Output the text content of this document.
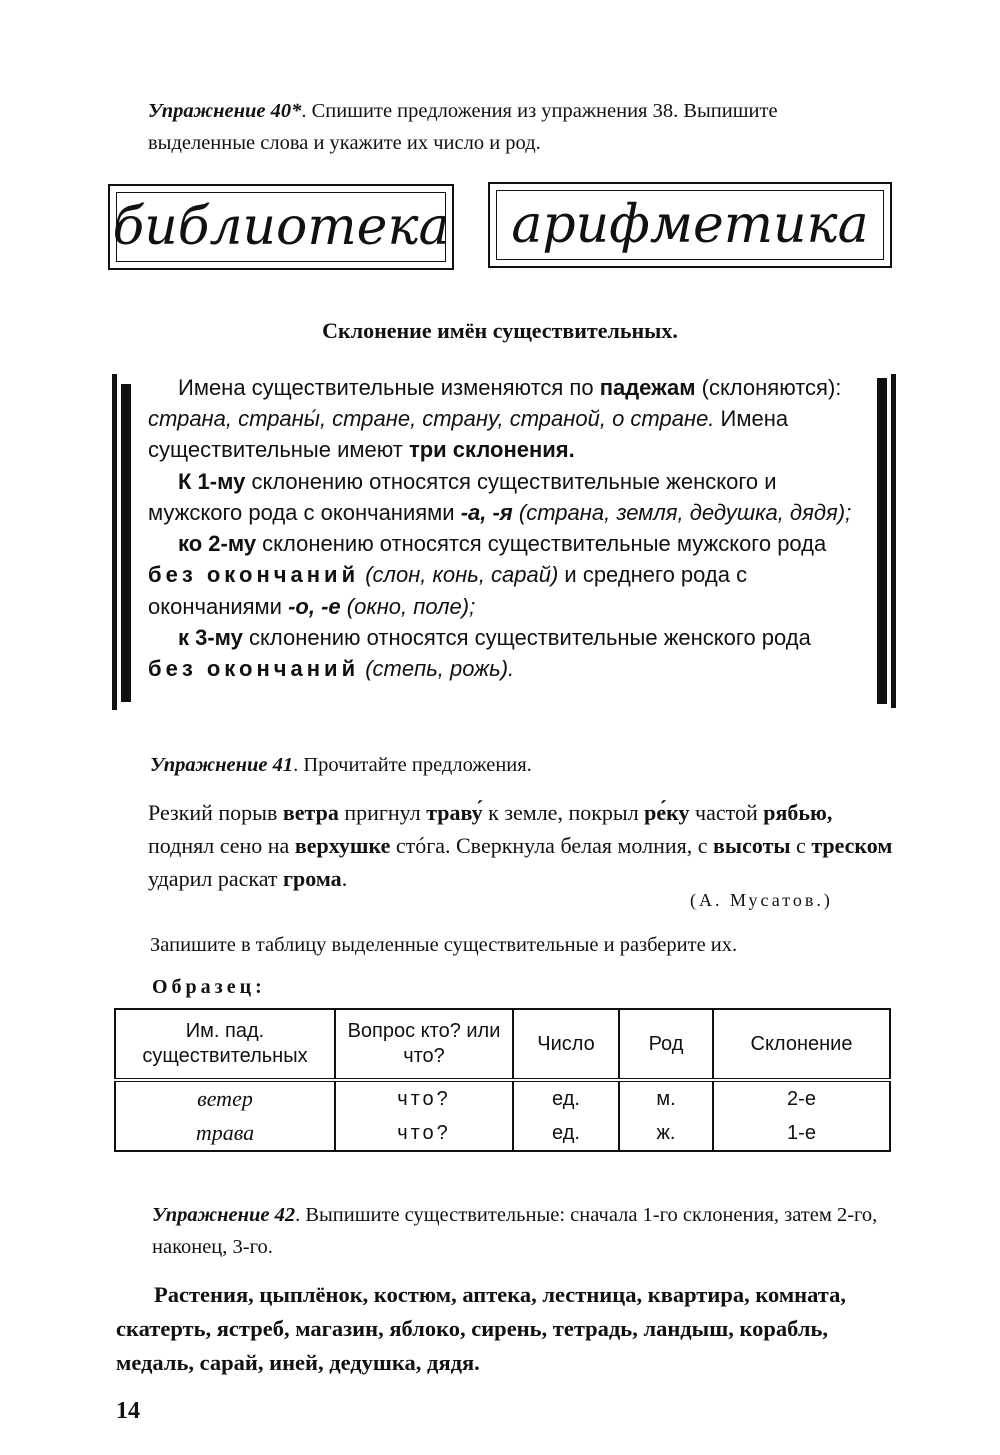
Упражнение 40*. Спишите предложения из упражнения 38. Выпишите выделенные слова и укажите их число и род.
библиотека арифметика
Склонение имён существительных.

Имена существительные изменяются по падежам (склоняются): страна, страны́, стране, страну, страной, о стране. Имена существительные имеют три склонения.

К 1-му склонению относятся существительные женского и мужского рода с окончаниями -а, -я (страна, земля, дедушка, дядя);

ко 2-му склонению относятся существительные мужского рода без окончаний (слон, конь, сарай) и среднего рода с окончаниями -о, -е (окно, поле);

к 3-му склонению относятся существительные женского рода без окончаний (степь, рожь).

Упражнение 41. Прочитайте предложения.
Резкий порыв ветра пригнул траву́ к земле, покрыл ре́ку частой рябью, поднял сено на верхушке стóга. Сверкнула белая молния, с высоты с треском ударил раскат грома.
(А. Мусатов.)
Запишите в таблицу выделенные существительные и разберите их.
Образец:
Им. пад. существительных	Вопрос кто? или что?	Число	Род	Склонение
ветер	что?	ед.	м.	2-е
трава	что?	ед.	ж.	1-е
Упражнение 42. Выпишите существительные: сначала 1-го склонения, затем 2-го, наконец, 3-го.
Растения, цыплёнок, костюм, аптека, лестница, квартира, комната, скатерть, ястреб, магазин, яблоко, сирень, тетрадь, ландыш, корабль, медаль, сарай, иней, дедушка, дядя.
14
